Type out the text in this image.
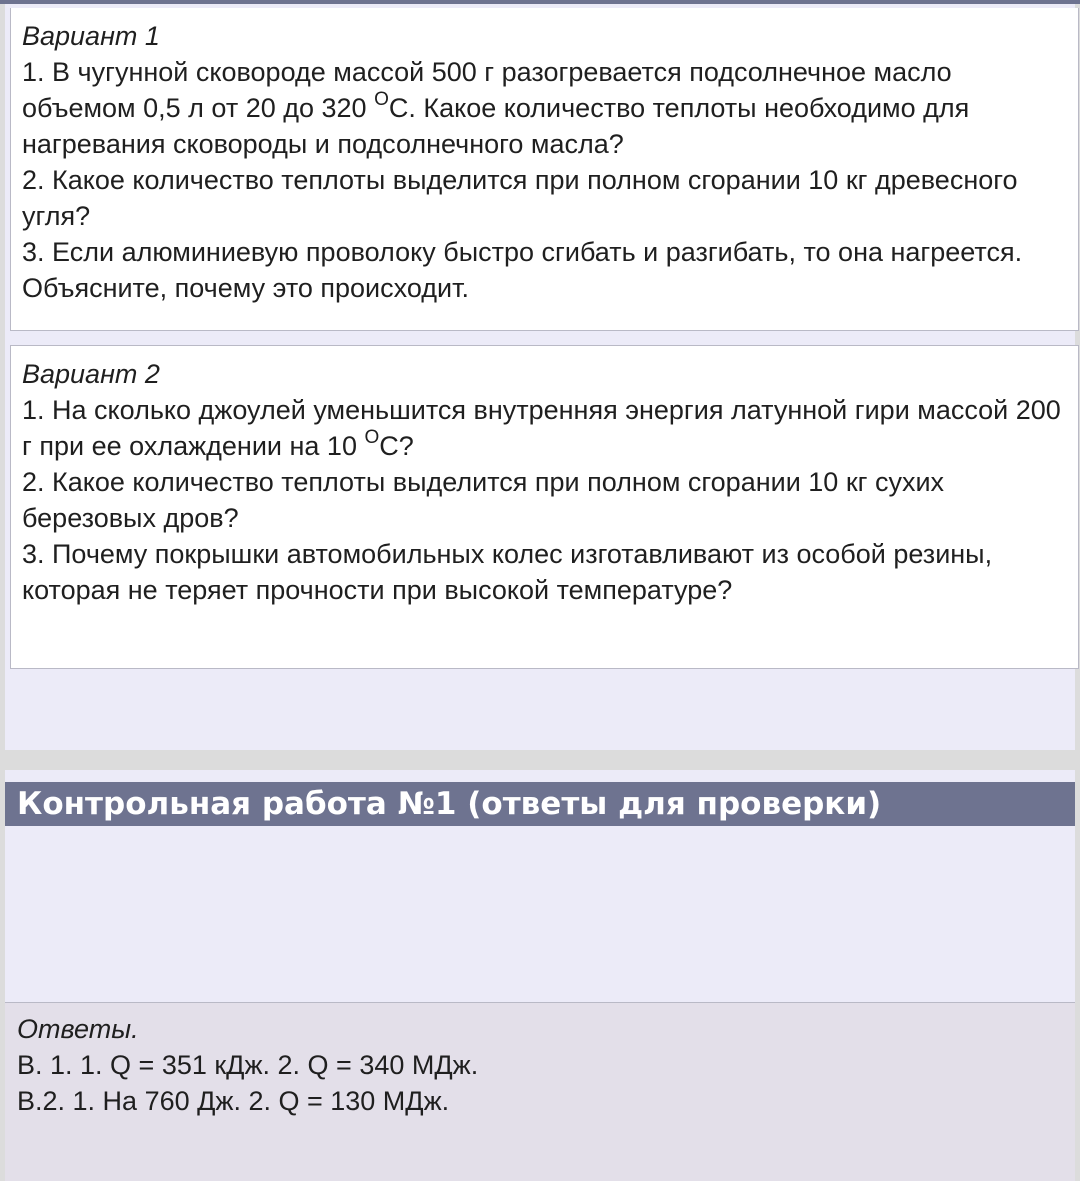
Вариант 1
1. В чугунной сковороде массой 500 г разогревается подсолнечное масло объемом 0,5 л от 20 до 320 $^O$С. Какое количество теплоты необходимо для нагревания сковороды и подсолнечного масла?
2. Какое количество теплоты выделится при полном сгорании 10 кг древесного угля?
3. Если алюминиевую проволоку быстро сгибать и разгибать, то она нагреется. Объясните, почему это происходит.
Вариант 2
1. На сколько джоулей уменьшится внутренняя энергия латунной гири массой 200 г при ее охлаждении на 10 $^O$С?
2. Какое количество теплоты выделится при полном сгорании 10 кг сухих березовых дров?
3. Почему покрышки автомобильных колес изготавливают из особой резины, которая не теряет прочности при высокой температуре?
Контрольная работа №1 (ответы для проверки)
Ответы.
В. 1. 1. Q = 351 кДж. 2. Q = 340 МДж.
В.2. 1. На 760 Дж. 2. Q = 130 МДж.
